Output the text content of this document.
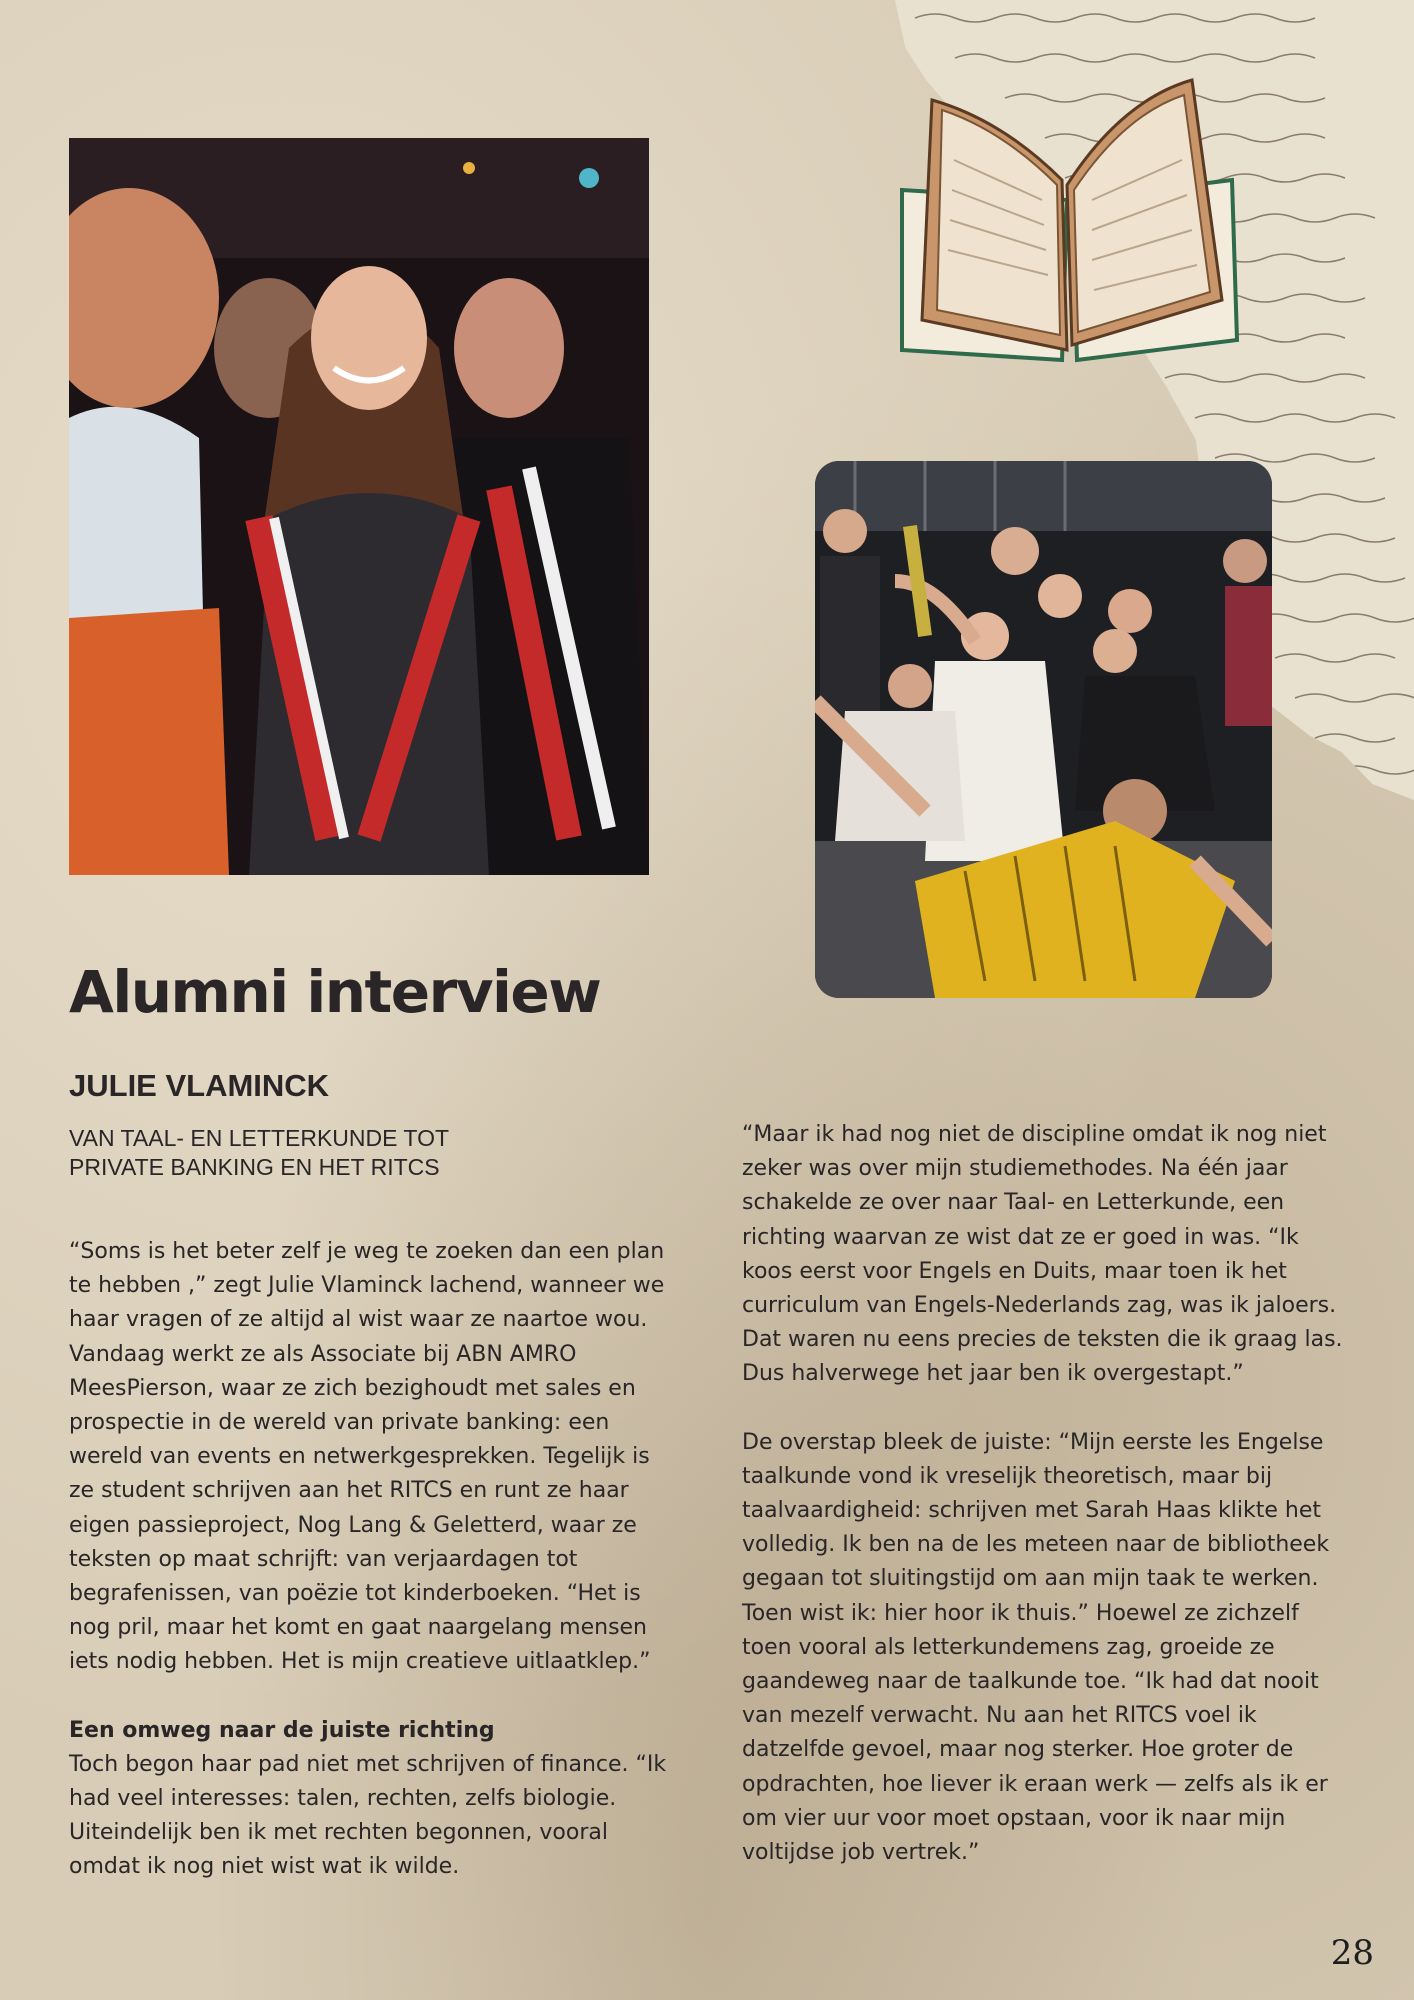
Alumni interview
JULIE VLAMINCK
VAN TAAL- EN LETTERKUNDE TOT
PRIVATE BANKING EN HET RITCS

“Soms is het beter zelf je weg te zoeken dan een plan te hebben ,” zegt Julie Vlaminck lachend, wanneer we haar vragen of ze altijd al wist waar ze naartoe wou. Vandaag werkt ze als Associate bij ABN AMRO MeesPierson, waar ze zich bezighoudt met sales en prospectie in de wereld van private banking: een wereld van events en netwerkgesprekken. Tegelijk is ze student schrijven aan het RITCS en runt ze haar eigen passieproject, Nog Lang & Geletterd, waar ze teksten op maat schrijft: van verjaardagen tot begrafenissen, van poëzie tot kinderboeken. “Het is nog pril, maar het komt en gaat naargelang mensen iets nodig hebben. Het is mijn creatieve uitlaatklep.”

Een omweg naar de juiste richting

Toch begon haar pad niet met schrijven of finance. “Ik had veel interesses: talen, rechten, zelfs biologie. Uiteindelijk ben ik met rechten begonnen, vooral omdat ik nog niet wist wat ik wilde.

“Maar ik had nog niet de discipline omdat ik nog niet zeker was over mijn studiemethodes. Na één jaar schakelde ze over naar Taal- en Letterkunde, een richting waarvan ze wist dat ze er goed in was. “Ik koos eerst voor Engels en Duits, maar toen ik het curriculum van Engels-Nederlands zag, was ik jaloers. Dat waren nu eens precies de teksten die ik graag las. Dus halverwege het jaar ben ik overgestapt.”

De overstap bleek de juiste: “Mijn eerste les Engelse taalkunde vond ik vreselijk theoretisch, maar bij taalvaardigheid: schrijven met Sarah Haas klikte het volledig. Ik ben na de les meteen naar de bibliotheek gegaan tot sluitingstijd om aan mijn taak te werken. Toen wist ik: hier hoor ik thuis.” Hoewel ze zichzelf toen vooral als letterkundemens zag, groeide ze gaandeweg naar de taalkunde toe. “Ik had dat nooit van mezelf verwacht. Nu aan het RITCS voel ik datzelfde gevoel, maar nog sterker. Hoe groter de opdrachten, hoe liever ik eraan werk — zelfs als ik er om vier uur voor moet opstaan, voor ik naar mijn voltijdse job vertrek.”

28
